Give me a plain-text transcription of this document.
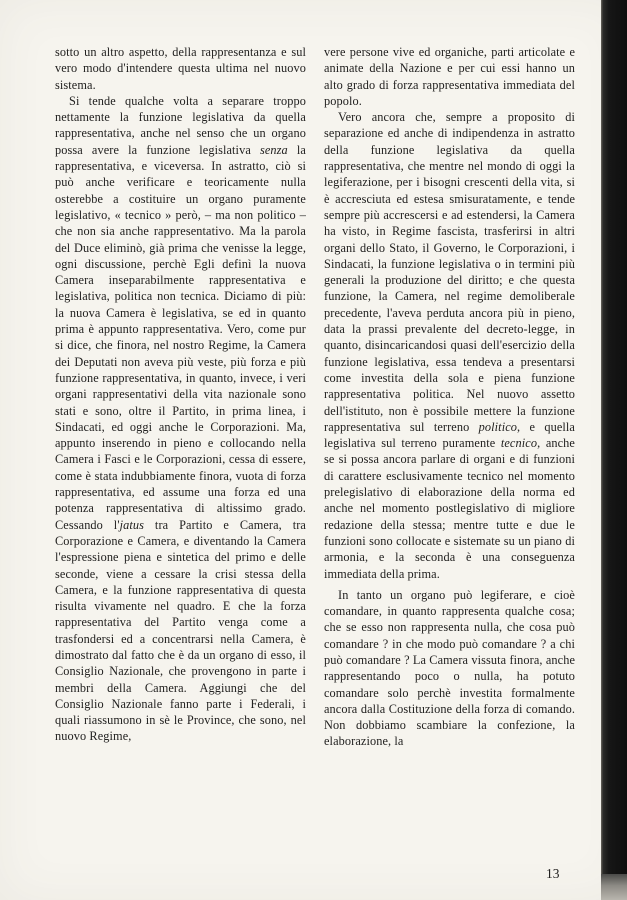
sotto un altro aspetto, della rappresentanza e sul vero modo d'intendere questa ultima nel nuovo sistema.

Si tende qualche volta a separare troppo nettamente la funzione legislativa da quella rappresentativa, anche nel senso che un organo possa avere la funzione legislativa senza la rappresentativa, e viceversa. In astratto, ciò si può anche verificare e teoricamente nulla osterebbe a costituire un organo puramente legislativo, « tecnico » però, – ma non politico – che non sia anche rappresentativo. Ma la parola del Duce eliminò, già prima che venisse la legge, ogni discussione, perchè Egli definì la nuova Camera inseparabilmente rappresentativa e legislativa, politica non tecnica. Diciamo di più: la nuova Camera è legislativa, se ed in quanto prima è appunto rappresentativa. Vero, come pur si dice, che finora, nel nostro Regime, la Camera dei Deputati non aveva più veste, più forza e più funzione rappresentativa, in quanto, invece, i veri organi rappresentativi della vita nazionale sono stati e sono, oltre il Partito, in prima linea, i Sindacati, ed oggi anche le Corporazioni. Ma, appunto inserendo in pieno e collocando nella Camera i Fasci e le Corporazioni, cessa di essere, come è stata indubbiamente finora, vuota di forza rappresentativa, ed assume una forza ed una potenza rappresentativa di altissimo grado. Cessando l'jatus tra Partito e Camera, tra Corporazione e Camera, e diventando la Camera l'espressione piena e sintetica del primo e delle seconde, viene a cessare la crisi stessa della Camera, e la funzione rappresentativa di questa risulta vivamente nel quadro. E che la forza rappresentativa del Partito venga come a trasfondersi ed a concentrarsi nella Camera, è dimostrato dal fatto che è da un organo di esso, il Consiglio Nazionale, che provengono in parte i membri della Camera. Aggiungi che del Consiglio Nazionale fanno parte i Federali, i quali riassumono in sè le Province, che sono, nel nuovo Regime,

vere persone vive ed organiche, parti articolate e animate della Nazione e per cui essi hanno un alto grado di forza rappresentativa immediata del popolo.

Vero ancora che, sempre a proposito di separazione ed anche di indipendenza in astratto della funzione legislativa da quella rappresentativa, che mentre nel mondo di oggi la legiferazione, per i bisogni crescenti della vita, si è accresciuta ed estesa smisuratamente, e tende sempre più accrescersi e ad estendersi, la Camera ha visto, in Regime fascista, trasferirsi in altri organi dello Stato, il Governo, le Corporazioni, i Sindacati, la funzione legislativa o in termini più generali la produzione del diritto; e che questa funzione, la Camera, nel regime demoliberale precedente, l'aveva perduta ancora più in pieno, data la prassi prevalente del decreto-legge, in quanto, disincaricandosi quasi dell'esercizio della funzione legislativa, essa tendeva a presentarsi come investita della sola e piena funzione rappresentativa politica. Nel nuovo assetto dell'istituto, non è possibile mettere la funzione rappresentativa sul terreno politico, e quella legislativa sul terreno puramente tecnico, anche se si possa ancora parlare di organi e di funzioni di carattere esclusivamente tecnico nel momento prelegislativo di elaborazione della norma ed anche nel momento postlegislativo di migliore redazione della stessa; mentre tutte e due le funzioni sono collocate e sistemate su un piano di armonia, e la seconda è una conseguenza immediata della prima.

In tanto un organo può legiferare, e cioè comandare, in quanto rappresenta qualche cosa; che se esso non rappresenta nulla, che cosa può comandare ? in che modo può comandare ? a chi può comandare ? La Camera vissuta finora, anche rappresentando poco o nulla, ha potuto comandare solo perchè investita formalmente ancora dalla Costituzione della forza di comando. Non dobbiamo scambiare la confezione, la elaborazione, la

13
